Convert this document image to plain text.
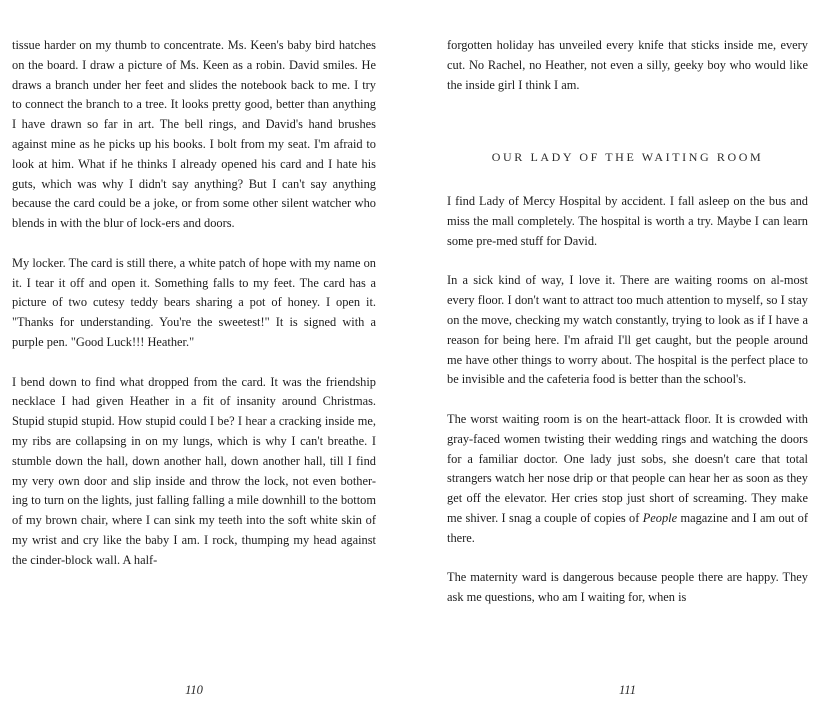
tissue harder on my thumb to concentrate. Ms. Keen's baby bird hatches on the board. I draw a picture of Ms. Keen as a robin. David smiles. He draws a branch under her feet and slides the notebook back to me. I try to connect the branch to a tree. It looks pretty good, better than anything I have drawn so far in art. The bell rings, and David's hand brushes against mine as he picks up his books. I bolt from my seat. I'm afraid to look at him. What if he thinks I already opened his card and I hate his guts, which was why I didn't say anything? But I can't say anything because the card could be a joke, or from some other silent watcher who blends in with the blur of lock-ers and doors.

My locker. The card is still there, a white patch of hope with my name on it. I tear it off and open it. Something falls to my feet. The card has a picture of two cutesy teddy bears sharing a pot of honey. I open it. "Thanks for understanding. You're the sweetest!" It is signed with a purple pen. "Good Luck!!! Heather."

I bend down to find what dropped from the card. It was the friendship necklace I had given Heather in a fit of insanity around Christmas. Stupid stupid stupid. How stupid could I be? I hear a cracking inside me, my ribs are collapsing in on my lungs, which is why I can't breathe. I stumble down the hall, down another hall, down another hall, till I find my very own door and slip inside and throw the lock, not even bother-ing to turn on the lights, just falling falling a mile downhill to the bottom of my brown chair, where I can sink my teeth into the soft white skin of my wrist and cry like the baby I am. I rock, thumping my head against the cinder-block wall. A half-

110

forgotten holiday has unveiled every knife that sticks inside me, every cut. No Rachel, no Heather, not even a silly, geeky boy who would like the inside girl I think I am.

OUR LADY OF THE WAITING ROOM

I find Lady of Mercy Hospital by accident. I fall asleep on the bus and miss the mall completely. The hospital is worth a try. Maybe I can learn some pre-med stuff for David.

In a sick kind of way, I love it. There are waiting rooms on al-most every floor. I don't want to attract too much attention to myself, so I stay on the move, checking my watch constantly, trying to look as if I have a reason for being here. I'm afraid I'll get caught, but the people around me have other things to worry about. The hospital is the perfect place to be invisible and the cafeteria food is better than the school's.

The worst waiting room is on the heart-attack floor. It is crowded with gray-faced women twisting their wedding rings and watching the doors for a familiar doctor. One lady just sobs, she doesn't care that total strangers watch her nose drip or that people can hear her as soon as they get off the elevator. Her cries stop just short of screaming. They make me shiver. I snag a couple of copies of People magazine and I am out of there.

The maternity ward is dangerous because people there are happy. They ask me questions, who am I waiting for, when is

111
